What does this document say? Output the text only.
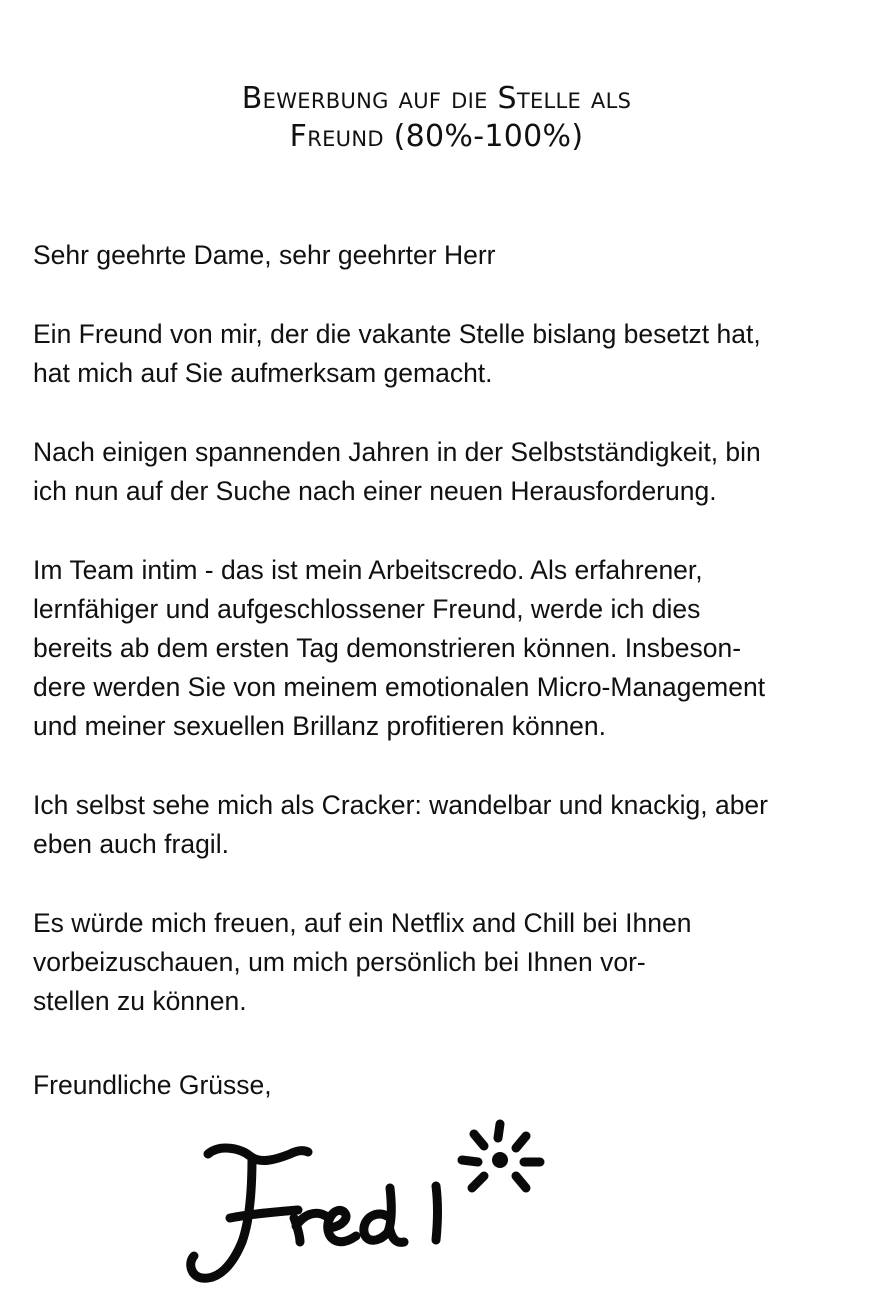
Bewerbung auf die Stelle als
Freund (80%-100%)

Sehr geehrte Dame, sehr geehrter Herr

Ein Freund von mir, der die vakante Stelle bislang besetzt hat,
hat mich auf Sie aufmerksam gemacht.

Nach einigen spannenden Jahren in der Selbstständigkeit, bin
ich nun auf der Suche nach einer neuen Herausforderung.

Im Team intim - das ist mein Arbeitscredo. Als erfahrener,
lernfähiger und aufgeschlossener Freund, werde ich dies
bereits ab dem ersten Tag demonstrieren können. Insbeson-
dere werden Sie von meinem emotionalen Micro-Management
und meiner sexuellen Brillanz profitieren können.

Ich selbst sehe mich als Cracker: wandelbar und knackig, aber
eben auch fragil.

Es würde mich freuen, auf ein Netflix and Chill bei Ihnen
vorbeizuschauen, um mich persönlich bei Ihnen vor-
stellen zu können.

Freundliche Grüsse,
